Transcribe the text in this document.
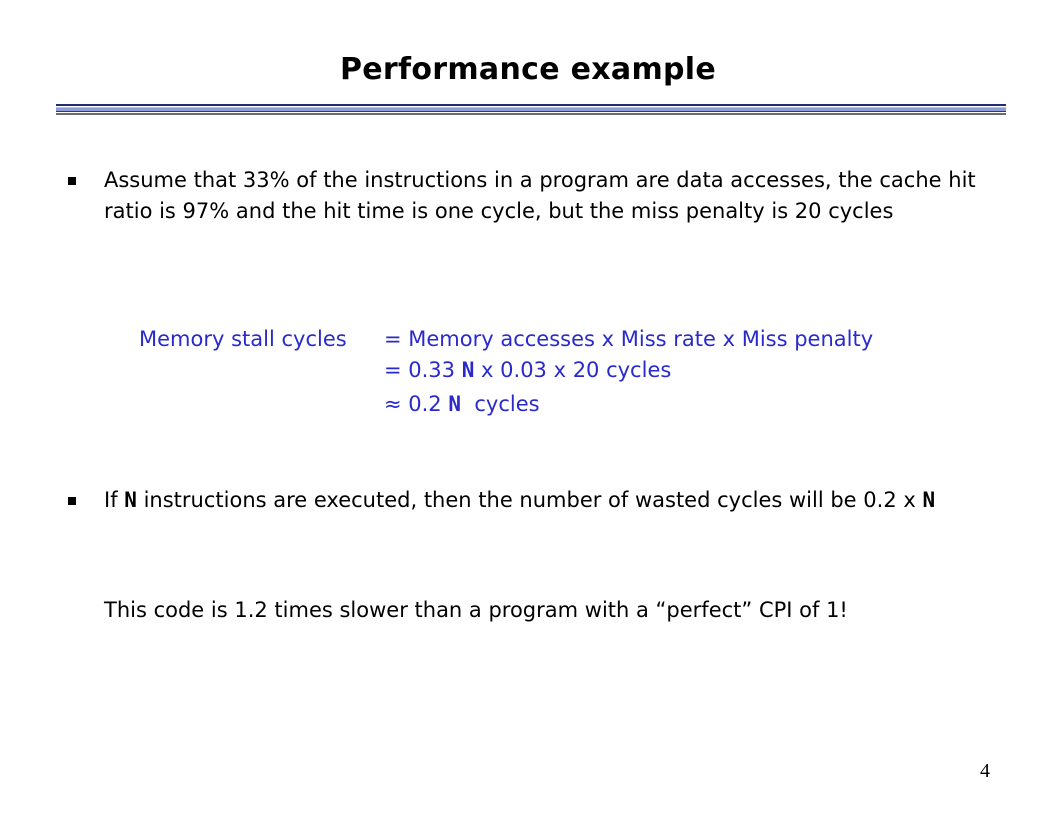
Performance example
Assume that 33% of the instructions in a program are data accesses, the cache hit ratio is 97% and the hit time is one cycle, but the miss penalty is 20 cycles
Memory stall cycles = Memory accesses x Miss rate x Miss penalty
= 0.33 N x 0.03 x 20 cycles
≈ 0.2 N  cycles
If N instructions are executed, then the number of wasted cycles will be 0.2 x N
This code is 1.2 times slower than a program with a “perfect” CPI of 1!
4
